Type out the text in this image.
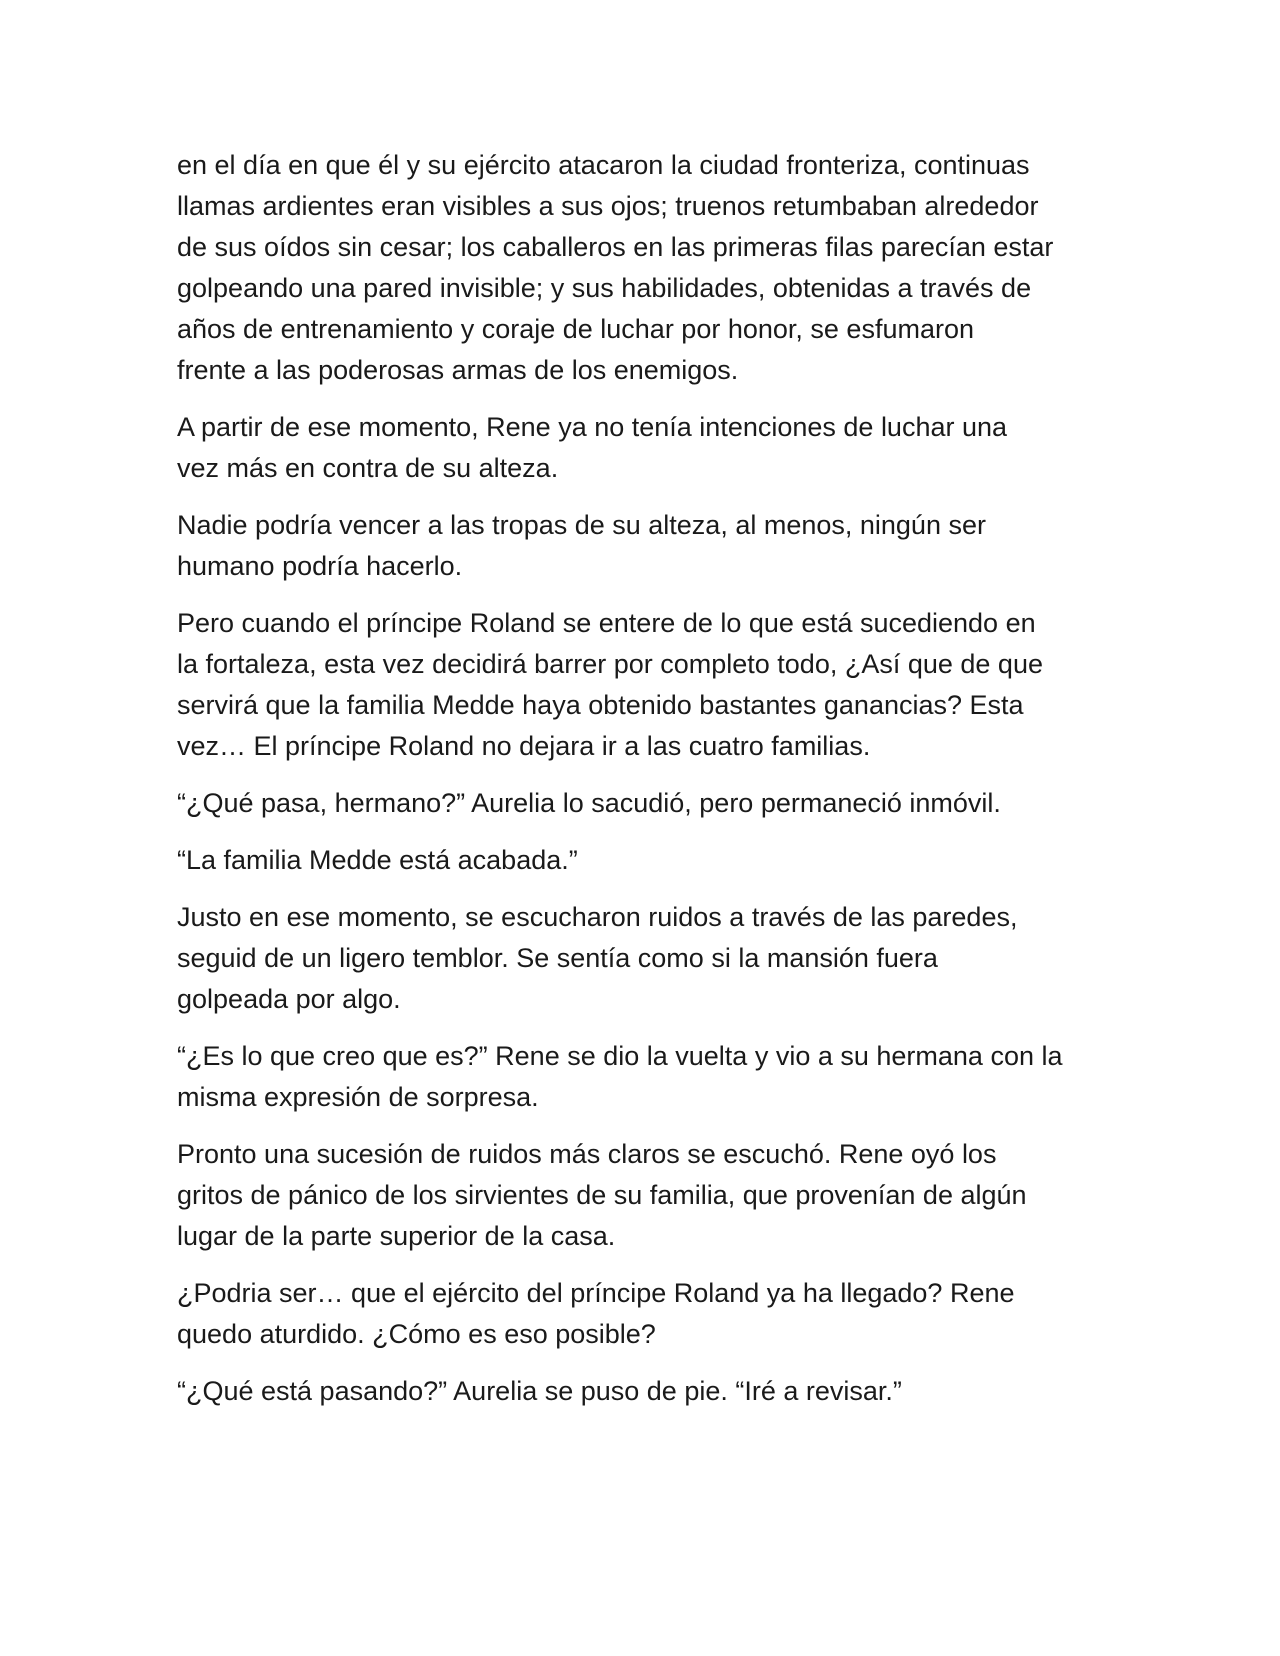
en el día en que él y su ejército atacaron la ciudad fronteriza, continuas
llamas ardientes eran visibles a sus ojos; truenos retumbaban alrededor
de sus oídos sin cesar; los caballeros en las primeras filas parecían estar
golpeando una pared invisible; y sus habilidades, obtenidas a través de
años de entrenamiento y coraje de luchar por honor, se esfumaron
frente a las poderosas armas de los enemigos.

A partir de ese momento, Rene ya no tenía intenciones de luchar una
vez más en contra de su alteza.

Nadie podría vencer a las tropas de su alteza, al menos, ningún ser
humano podría hacerlo.

Pero cuando el príncipe Roland se entere de lo que está sucediendo en
la fortaleza, esta vez decidirá barrer por completo todo, ¿Así que de que
servirá que la familia Medde haya obtenido bastantes ganancias? Esta
vez… El príncipe Roland no dejara ir a las cuatro familias.

“¿Qué pasa, hermano?” Aurelia lo sacudió, pero permaneció inmóvil.

“La familia Medde está acabada.”

Justo en ese momento, se escucharon ruidos a través de las paredes,
seguid de un ligero temblor. Se sentía como si la mansión fuera
golpeada por algo.

“¿Es lo que creo que es?” Rene se dio la vuelta y vio a su hermana con la
misma expresión de sorpresa.

Pronto una sucesión de ruidos más claros se escuchó. Rene oyó los
gritos de pánico de los sirvientes de su familia, que provenían de algún
lugar de la parte superior de la casa.

¿Podria ser… que el ejército del príncipe Roland ya ha llegado? Rene
quedo aturdido. ¿Cómo es eso posible?

“¿Qué está pasando?” Aurelia se puso de pie. “Iré a revisar.”
